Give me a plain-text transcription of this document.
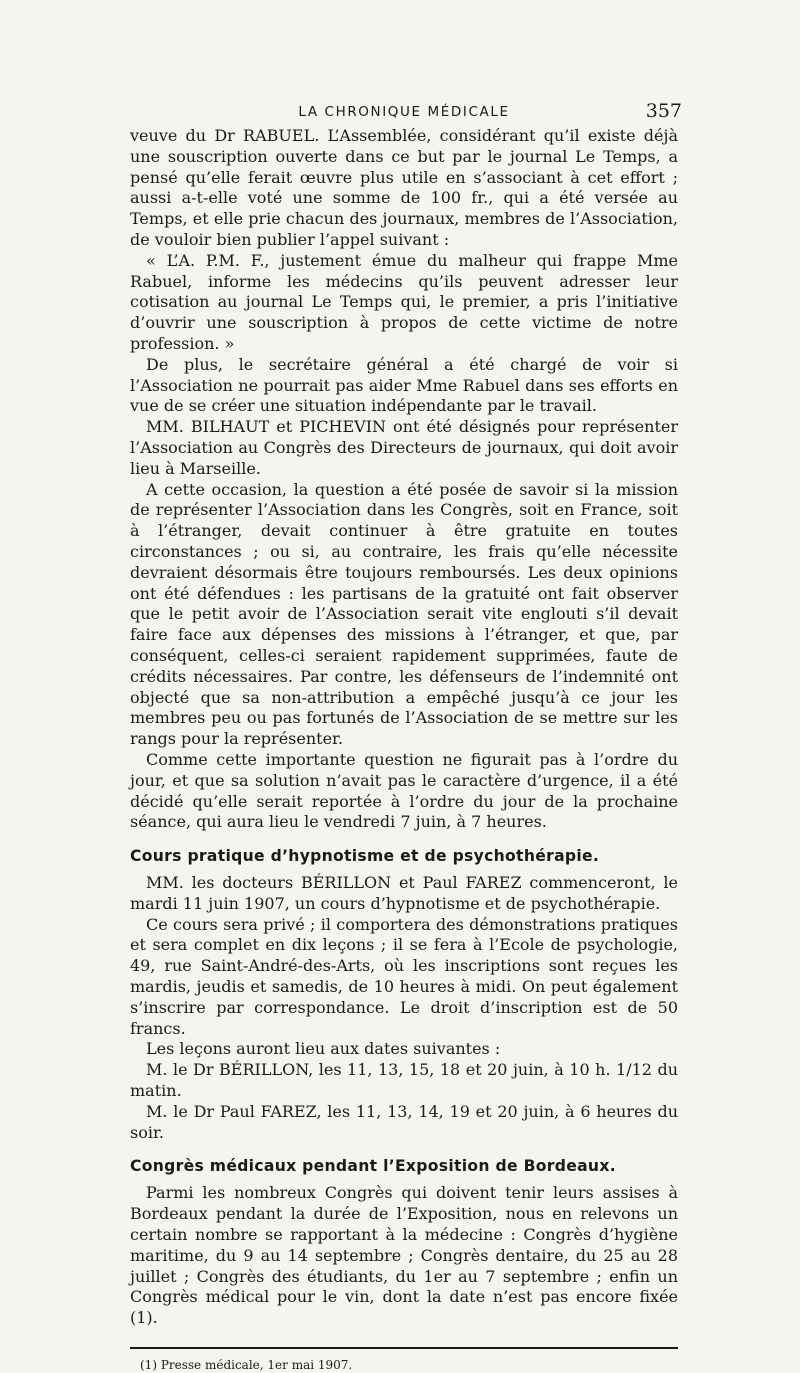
LA CHRONIQUE MÉDICALE	357

veuve du Dr RABUEL. L’Assemblée, considérant qu’il existe déjà une souscription ouverte dans ce but par le journal Le Temps, a pensé qu’elle ferait œuvre plus utile en s’associant à cet effort ; aussi a-t-elle voté une somme de 100 fr., qui a été versée au Temps, et elle prie chacun des journaux, membres de l’Association, de vouloir bien publier l’appel suivant :

« L’A. P.M. F., justement émue du malheur qui frappe Mme Rabuel, informe les médecins qu’ils peuvent adresser leur cotisation au journal Le Temps qui, le premier, a pris l’initiative d’ouvrir une souscription à propos de cette victime de notre profession. »

De plus, le secrétaire général a été chargé de voir si l’Association ne pourrait pas aider Mme Rabuel dans ses efforts en vue de se créer une situation indépendante par le travail.

MM. BILHAUT et PICHEVIN ont été désignés pour représenter l’Association au Congrès des Directeurs de journaux, qui doit avoir lieu à Marseille.

A cette occasion, la question a été posée de savoir si la mission de représenter l’Association dans les Congrès, soit en France, soit à l’étranger, devait continuer à être gratuite en toutes circonstances ; ou si, au contraire, les frais qu’elle nécessite devraient désormais être toujours remboursés. Les deux opinions ont été défendues : les partisans de la gratuité ont fait observer que le petit avoir de l’Association serait vite englouti s’il devait faire face aux dépenses des missions à l’étranger, et que, par conséquent, celles-ci seraient rapidement supprimées, faute de crédits nécessaires. Par contre, les défenseurs de l’indemnité ont objecté que sa non-attribution a empêché jusqu’à ce jour les membres peu ou pas fortunés de l’Association de se mettre sur les rangs pour la représenter.

Comme cette importante question ne figurait pas à l’ordre du jour, et que sa solution n’avait pas le caractère d’urgence, il a été décidé qu’elle serait reportée à l’ordre du jour de la prochaine séance, qui aura lieu le vendredi 7 juin, à 7 heures.

Cours pratique d’hypnotisme et de psychothérapie.

MM. les docteurs BÉRILLON et Paul FAREZ commenceront, le mardi 11 juin 1907, un cours d’hypnotisme et de psychothérapie.

Ce cours sera privé ; il comportera des démonstrations pratiques et sera complet en dix leçons ; il se fera à l’Ecole de psychologie, 49, rue Saint-André-des-Arts, où les inscriptions sont reçues les mardis, jeudis et samedis, de 10 heures à midi. On peut également s’inscrire par correspondance. Le droit d’inscription est de 50 francs.

Les leçons auront lieu aux dates suivantes :

M. le Dr BÉRILLON, les 11, 13, 15, 18 et 20 juin, à 10 h. 1/12 du matin.

M. le Dr Paul FAREZ, les 11, 13, 14, 19 et 20 juin, à 6 heures du soir.

Congrès médicaux pendant l’Exposition de Bordeaux.

Parmi les nombreux Congrès qui doivent tenir leurs assises à Bordeaux pendant la durée de l’Exposition, nous en relevons un certain nombre se rapportant à la médecine : Congrès d’hygiène maritime, du 9 au 14 septembre ; Congrès dentaire, du 25 au 28 juillet ; Congrès des étudiants, du 1er au 7 septembre ; enfin un Congrès médical pour le vin, dont la date n’est pas encore fixée (1).

(1) Presse médicale, 1er mai 1907.
